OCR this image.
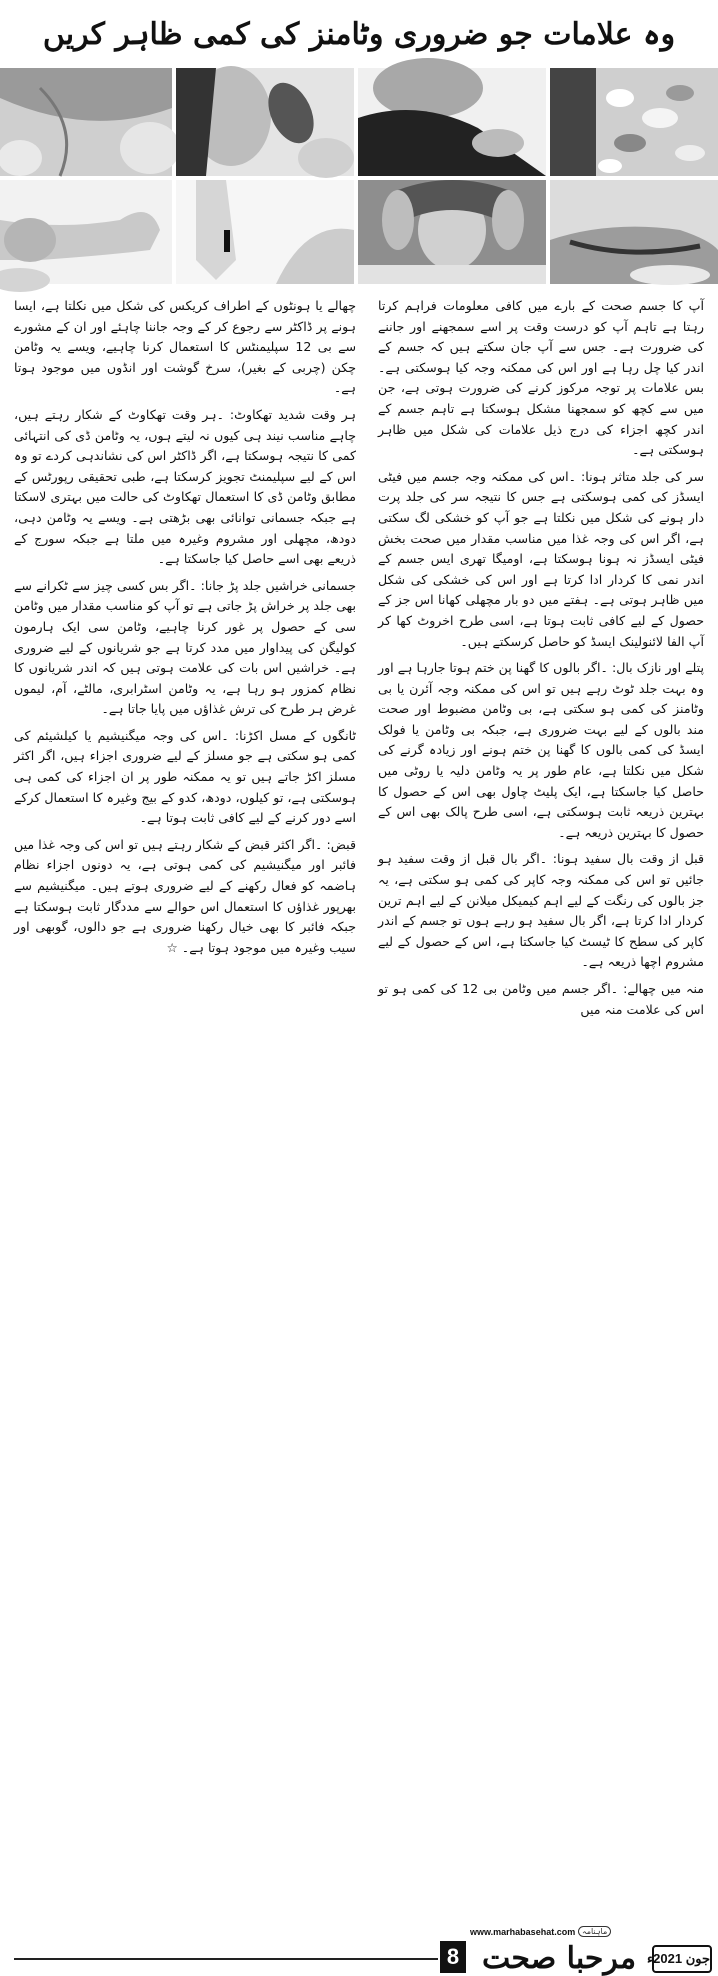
وہ علامات جو ضروری وٹامنز کی کمی ظاہر کریں

آپ کا جسم صحت کے بارے میں کافی معلومات فراہم کرتا رہتا ہے تاہم آپ کو درست وقت پر اسے سمجھنے اور جاننے کی ضرورت ہے۔ جس سے آپ جان سکتے ہیں کہ جسم کے اندر کیا چل رہا ہے اور اس کی ممکنہ وجہ کیا ہوسکتی ہے۔ بس علامات پر توجہ مرکوز کرنے کی ضرورت ہوتی ہے، جن میں سے کچھ کو سمجھنا مشکل ہوسکتا ہے تاہم جسم کے اندر کچھ اجزاء کی درج ذیل علامات کی شکل میں ظاہر ہوسکتی ہے۔

سر کی جلد متاثر ہونا: ۔اس کی ممکنہ وجہ جسم میں فیٹی ایسڈز کی کمی ہوسکتی ہے جس کا نتیجہ سر کی جلد پرت دار ہونے کی شکل میں نکلتا ہے جو آپ کو خشکی لگ سکتی ہے، اگر اس کی وجہ غذا میں مناسب مقدار میں صحت بخش فیٹی ایسڈز نہ ہونا ہوسکتا ہے، اومیگا تھری ایس جسم کے اندر نمی کا کردار ادا کرتا ہے اور اس کی خشکی کی شکل میں ظاہر ہوتی ہے۔ ہفتے میں دو بار مچھلی کھانا اس جز کے حصول کے لیے کافی ثابت ہوتا ہے، اسی طرح اخروٹ کھا کر آپ الفا لائنولینک ایسڈ کو حاصل کرسکتے ہیں۔

پتلے اور نازک بال: ۔اگر بالوں کا گھنا پن ختم ہوتا جارہا ہے اور وہ بہت جلد ٹوٹ رہے ہیں تو اس کی ممکنہ وجہ آئرن یا بی وٹامنز کی کمی ہو سکتی ہے، بی وٹامن مضبوط اور صحت مند بالوں کے لیے بہت ضروری ہے، جبکہ بی وٹامن یا فولک ایسڈ کی کمی بالوں کا گھنا پن ختم ہونے اور زیادہ گرنے کی شکل میں نکلتا ہے، عام طور پر یہ وٹامن دلیہ یا روٹی میں حاصل کیا جاسکتا ہے، ایک پلیٹ چاول بھی اس کے حصول کا بہترین ذریعہ ثابت ہوسکتی ہے، اسی طرح پالک بھی اس کے حصول کا بہترین ذریعہ ہے۔

قبل از وقت بال سفید ہونا: ۔اگر بال قبل از وقت سفید ہو جائیں تو اس کی ممکنہ وجہ کاپر کی کمی ہو سکتی ہے، یہ جز بالوں کی رنگت کے لیے اہم کیمیکل میلانن کے لیے اہم ترین کردار ادا کرتا ہے، اگر بال سفید ہو رہے ہوں تو جسم کے اندر کاپر کی سطح کا ٹیسٹ کیا جاسکتا ہے، اس کے حصول کے لیے مشروم اچھا ذریعہ ہے۔

منہ میں چھالے: ۔اگر جسم میں وٹامن بی 12 کی کمی ہو تو اس کی علامت منہ میں

چھالے یا ہونٹوں کے اطراف کریکس کی شکل میں نکلتا ہے، ایسا ہونے پر ڈاکٹر سے رجوع کر کے وجہ جاننا چاہئے اور ان کے مشورے سے بی 12 سپلیمنٹس کا استعمال کرنا چاہیے، ویسے یہ وٹامن چکن (چربی کے بغیر)، سرخ گوشت اور انڈوں میں موجود ہوتا ہے۔

ہر وقت شدید تھکاوٹ: ۔ہر وقت تھکاوٹ کے شکار رہتے ہیں، چاہے مناسب نیند ہی کیوں نہ لیتے ہوں، یہ وٹامن ڈی کی انتہائی کمی کا نتیجہ ہوسکتا ہے، اگر ڈاکٹر اس کی نشاندہی کردے تو وہ اس کے لیے سپلیمنٹ تجویز کرسکتا ہے، طبی تحقیقی رپورٹس کے مطابق وٹامن ڈی کا استعمال تھکاوٹ کی حالت میں بہتری لاسکتا ہے جبکہ جسمانی توانائی بھی بڑھتی ہے۔ ویسے یہ وٹامن دہی، دودھ، مچھلی اور مشروم وغیرہ میں ملتا ہے جبکہ سورج کے ذریعے بھی اسے حاصل کیا جاسکتا ہے۔

جسمانی خراشیں جلد پڑ جانا: ۔اگر بس کسی چیز سے ٹکرانے سے بھی جلد پر خراش پڑ جاتی ہے تو آپ کو مناسب مقدار میں وٹامن سی کے حصول پر غور کرنا چاہیے، وٹامن سی ایک ہارمون کولیگن کی پیداوار میں مدد کرتا ہے جو شریانوں کے لیے ضروری ہے۔ خراشیں اس بات کی علامت ہوتی ہیں کہ اندر شریانوں کا نظام کمزور ہو رہا ہے، یہ وٹامن اسٹرابری، مالٹے، آم، لیموں غرض ہر طرح کی ترش غذاؤں میں پایا جاتا ہے۔

ٹانگوں کے مسل اکڑنا: ۔اس کی وجہ میگنیشیم یا کیلشیئم کی کمی ہو سکتی ہے جو مسلز کے لیے ضروری اجزاء ہیں، اگر اکثر مسلز اکڑ جاتے ہیں تو یہ ممکنہ طور پر ان اجزاء کی کمی ہی ہوسکتی ہے، تو کیلوں، دودھ، کدو کے بیج وغیرہ کا استعمال کرکے اسے دور کرنے کے لیے کافی ثابت ہوتا ہے۔

قبض: ۔اگر اکثر قبض کے شکار رہتے ہیں تو اس کی وجہ غذا میں فائبر اور میگنیشیم کی کمی ہوتی ہے، یہ دونوں اجزاء نظام ہاضمہ کو فعال رکھنے کے لیے ضروری ہوتے ہیں۔ میگنیشیم سے بھرپور غذاؤں کا استعمال اس حوالے سے مددگار ثابت ہوسکتا ہے جبکہ فائبر کا بھی خیال رکھنا ضروری ہے جو دالوں، گوبھی اور سیب وغیرہ میں موجود ہوتا ہے۔ ☆

www.marhabasehat.com ماہنامہ
مرحبا صحت
8	جون 2021ء
